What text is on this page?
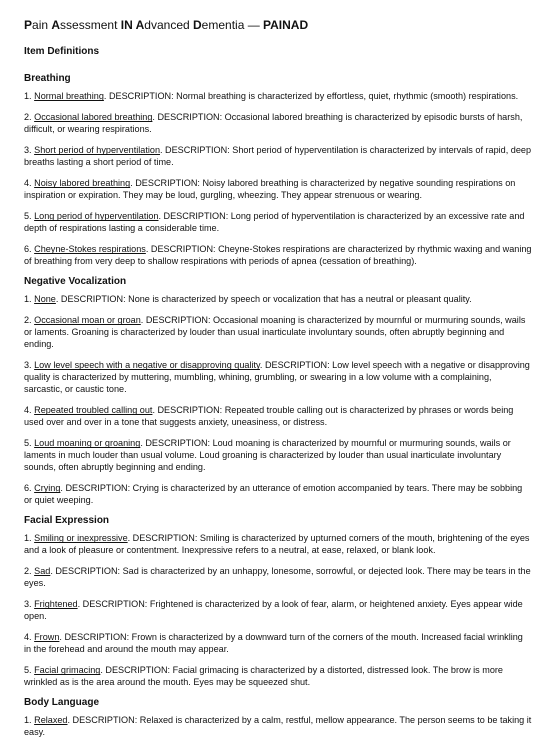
Pain Assessment IN Advanced Dementia — PAINAD
Item Definitions
Breathing
1. Normal breathing. DESCRIPTION: Normal breathing is characterized by effortless, quiet, rhythmic (smooth) respirations.
2. Occasional labored breathing. DESCRIPTION: Occasional labored breathing is characterized by episodic bursts of harsh, difficult, or wearing respirations.
3. Short period of hyperventilation. DESCRIPTION: Short period of hyperventilation is characterized by intervals of rapid, deep breaths lasting a short period of time.
4. Noisy labored breathing. DESCRIPTION: Noisy labored breathing is characterized by negative sounding respirations on inspiration or expiration. They may be loud, gurgling, wheezing. They appear strenuous or wearing.
5. Long period of hyperventilation. DESCRIPTION: Long period of hyperventilation is characterized by an excessive rate and depth of respirations lasting a considerable time.
6. Cheyne-Stokes respirations. DESCRIPTION: Cheyne-Stokes respirations are characterized by rhythmic waxing and waning of breathing from very deep to shallow respirations with periods of apnea (cessation of breathing).
Negative Vocalization
1. None. DESCRIPTION: None is characterized by speech or vocalization that has a neutral or pleasant quality.
2. Occasional moan or groan. DESCRIPTION: Occasional moaning is characterized by mournful or murmuring sounds, wails or laments. Groaning is characterized by louder than usual inarticulate involuntary sounds, often abruptly beginning and ending.
3. Low level speech with a negative or disapproving quality. DESCRIPTION: Low level speech with a negative or disapproving quality is characterized by muttering, mumbling, whining, grumbling, or swearing in a low volume with a complaining, sarcastic, or caustic tone.
4. Repeated troubled calling out. DESCRIPTION: Repeated trouble calling out is characterized by phrases or words being used over and over in a tone that suggests anxiety, uneasiness, or distress.
5. Loud moaning or groaning. DESCRIPTION: Loud moaning is characterized by mournful or murmuring sounds, wails or laments in much louder than usual volume. Loud groaning is characterized by louder than usual inarticulate involuntary sounds, often abruptly beginning and ending.
6. Crying. DESCRIPTION: Crying is characterized by an utterance of emotion accompanied by tears. There may be sobbing or quiet weeping.
Facial Expression
1. Smiling or inexpressive. DESCRIPTION: Smiling is characterized by upturned corners of the mouth, brightening of the eyes and a look of pleasure or contentment. Inexpressive refers to a neutral, at ease, relaxed, or blank look.
2. Sad. DESCRIPTION: Sad is characterized by an unhappy, lonesome, sorrowful, or dejected look. There may be tears in the eyes.
3. Frightened. DESCRIPTION: Frightened is characterized by a look of fear, alarm, or heightened anxiety. Eyes appear wide open.
4. Frown. DESCRIPTION: Frown is characterized by a downward turn of the corners of the mouth. Increased facial wrinkling in the forehead and around the mouth may appear.
5. Facial grimacing. DESCRIPTION: Facial grimacing is characterized by a distorted, distressed look. The brow is more wrinkled as is the area around the mouth. Eyes may be squeezed shut.
Body Language
1. Relaxed. DESCRIPTION: Relaxed is characterized by a calm, restful, mellow appearance. The person seems to be taking it easy.
